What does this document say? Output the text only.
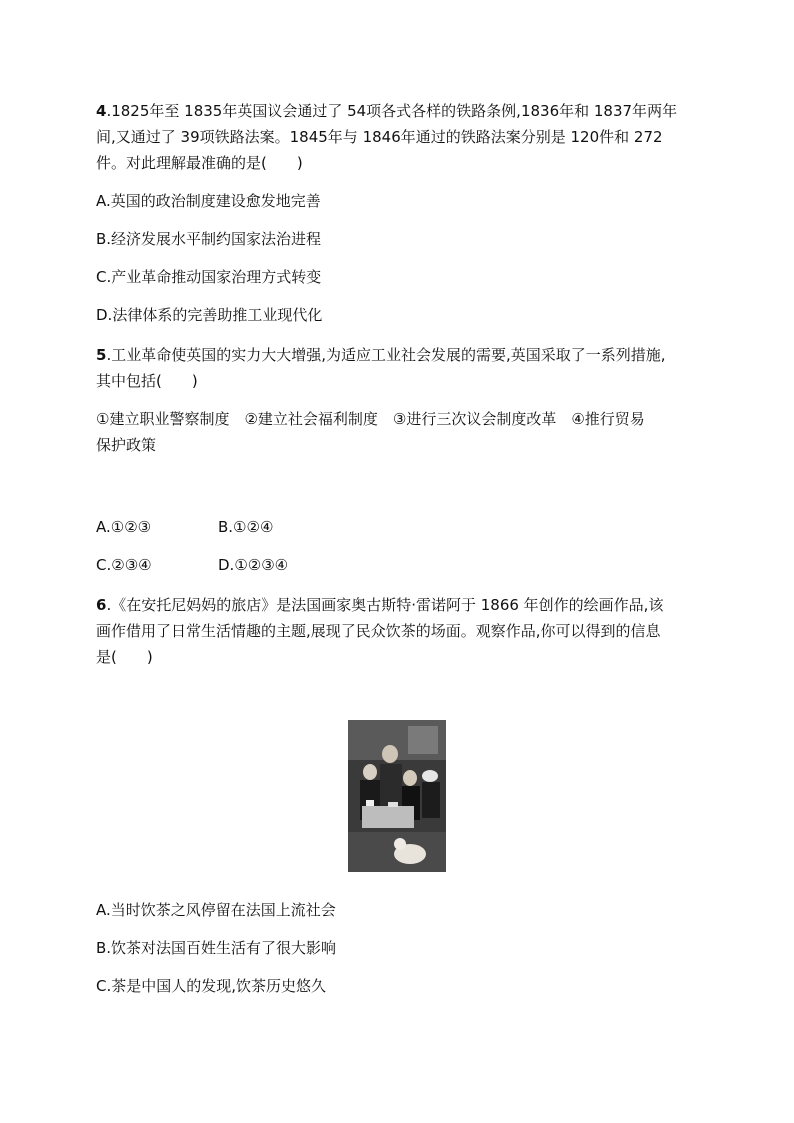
4.1825年至 1835年英国议会通过了 54项各式各样的铁路条例,1836年和 1837年两年
间,又通过了 39项铁路法案。1845年与 1846年通过的铁路法案分别是 120件和 272
件。对此理解最准确的是(　　)
A.英国的政治制度建设愈发地完善
B.经济发展水平制约国家法治进程
C.产业革命推动国家治理方式转变
D.法律体系的完善助推工业现代化
5.工业革命使英国的实力大大增强,为适应工业社会发展的需要,英国采取了一系列措施,
其中包括(　　)
①建立职业警察制度　②建立社会福利制度　③进行三次议会制度改革　④推行贸易
保护政策
A.①②③	B.①②④
C.②③④	D.①②③④
6.《在安托尼妈妈的旅店》是法国画家奥古斯特·雷诺阿于 1866 年创作的绘画作品,该
画作借用了日常生活情趣的主题,展现了民众饮茶的场面。观察作品,你可以得到的信息
是(　　)
A.当时饮茶之风停留在法国上流社会
B.饮茶对法国百姓生活有了很大影响
C.茶是中国人的发现,饮茶历史悠久
